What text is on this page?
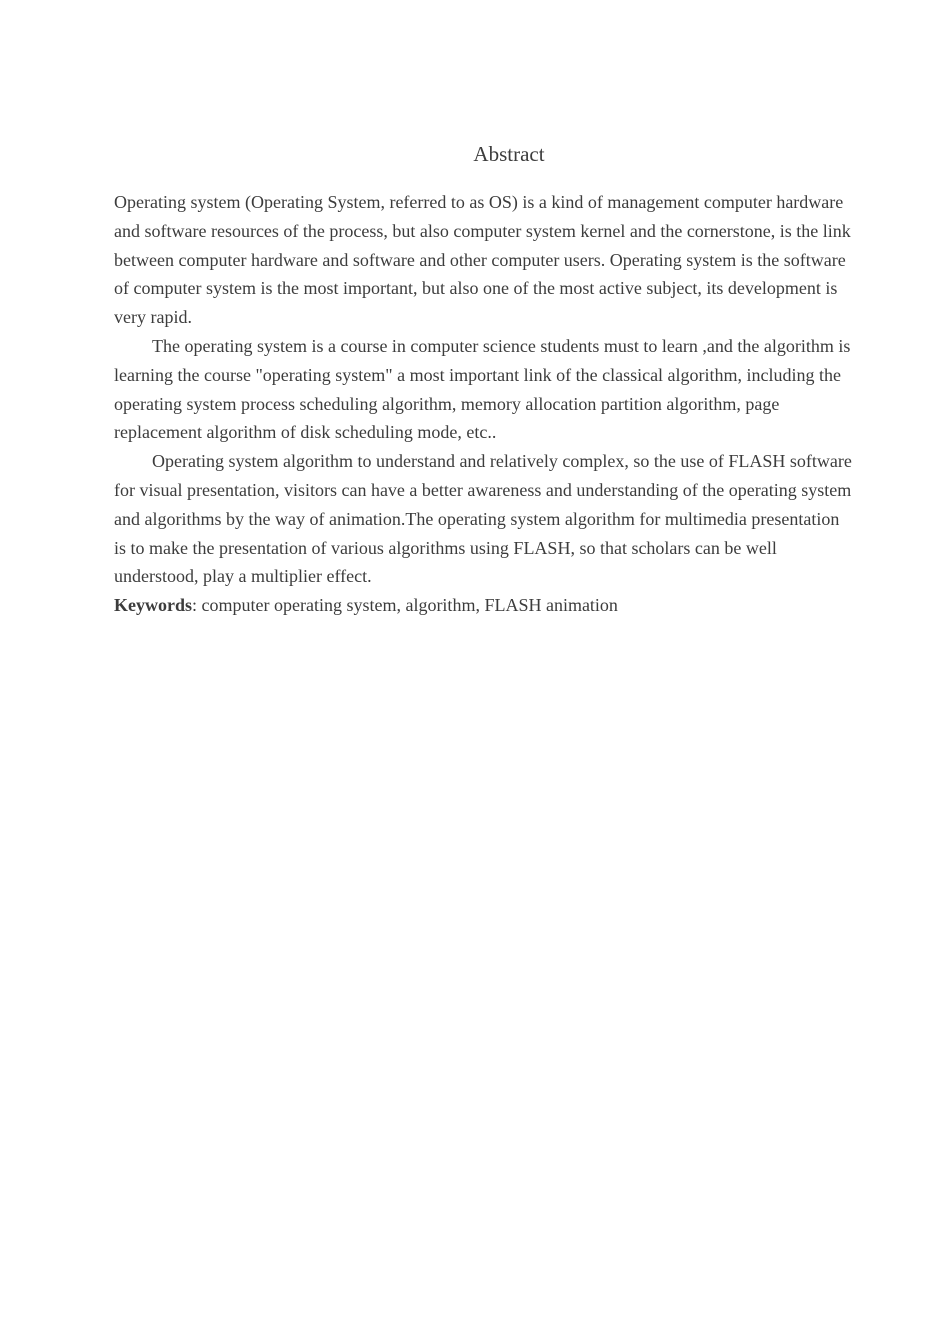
Abstract

Operating system (Operating System, referred to as OS) is a kind of management computer hardware and software resources of the process, but also computer system kernel and the cornerstone, is the link between computer hardware and software and other computer users. Operating system is the software of computer system is the most important, but also one of the most active subject, its development is very rapid.

The operating system is a course in computer science students must to learn ,and the algorithm is learning the course "operating system" a most important link of the classical algorithm, including the operating system process scheduling algorithm, memory allocation partition algorithm, page replacement algorithm of disk scheduling mode, etc..

Operating system algorithm to understand and relatively complex, so the use of FLASH software for visual presentation, visitors can have a better awareness and understanding of the operating system and algorithms by the way of animation.The operating system algorithm for multimedia presentation is to make the presentation of various algorithms using FLASH, so that scholars can be well understood, play a multiplier effect.

Keywords: computer operating system, algorithm, FLASH animation
